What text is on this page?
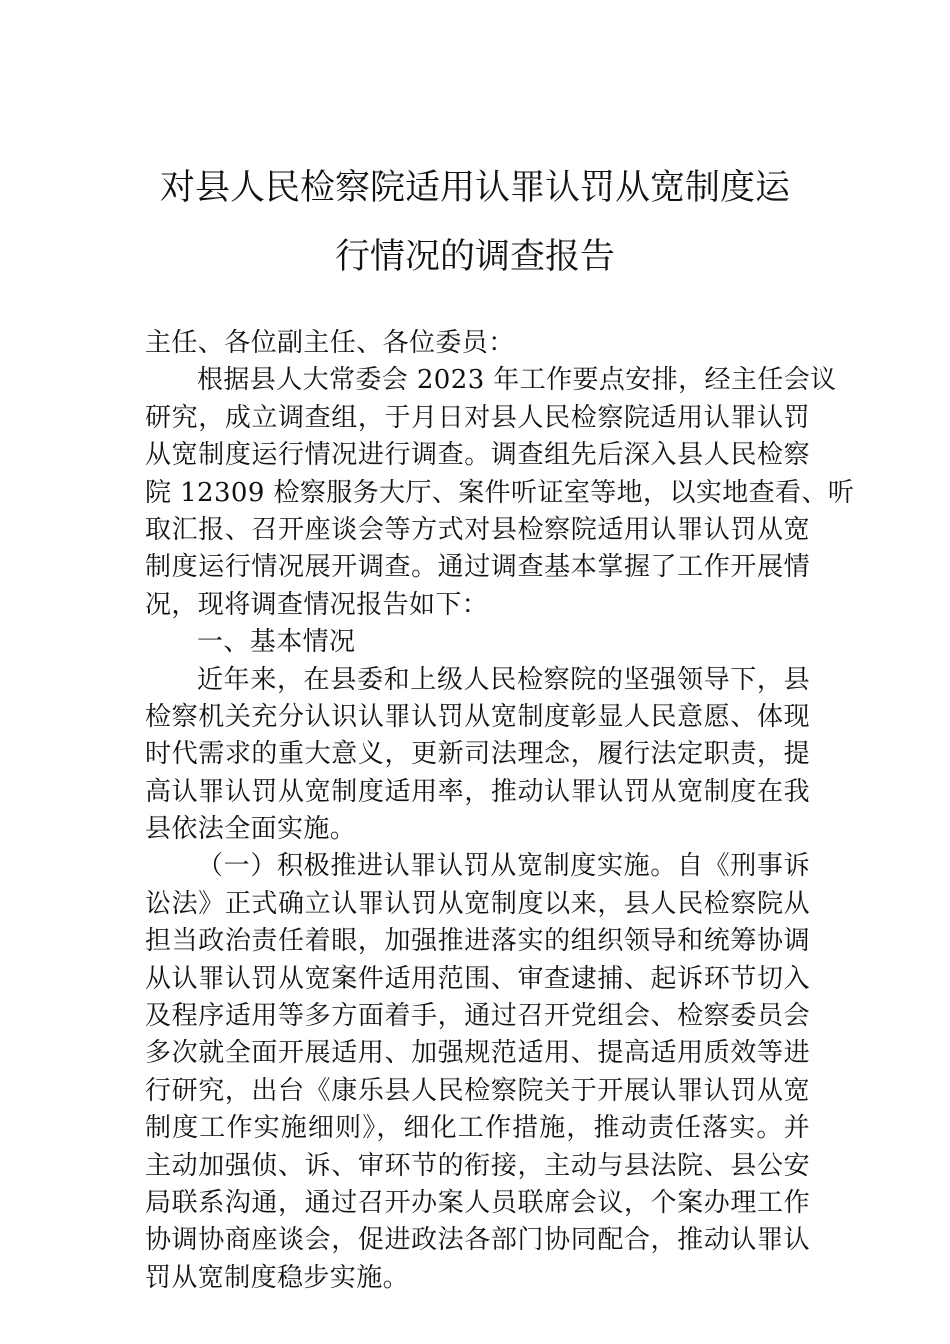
对县人民检察院适用认罪认罚从宽制度运
行情况的调查报告
主任、各位副主任、各位委员：
根据县人大常委会 2023 年工作要点安排，经主任会议
研究，成立调查组，于月日对县人民检察院适用认罪认罚
从宽制度运行情况进行调查。调查组先后深入县人民检察
院 12309 检察服务大厅、案件听证室等地，以实地查看、听
取汇报、召开座谈会等方式对县检察院适用认罪认罚从宽
制度运行情况展开调查。通过调查基本掌握了工作开展情
况，现将调查情况报告如下：
一、基本情况
近年来，在县委和上级人民检察院的坚强领导下，县
检察机关充分认识认罪认罚从宽制度彰显人民意愿、体现
时代需求的重大意义，更新司法理念，履行法定职责，提
高认罪认罚从宽制度适用率，推动认罪认罚从宽制度在我
县依法全面实施。
（一）积极推进认罪认罚从宽制度实施。自《刑事诉
讼法》正式确立认罪认罚从宽制度以来，县人民检察院从
担当政治责任着眼，加强推进落实的组织领导和统筹协调
从认罪认罚从宽案件适用范围、审查逮捕、起诉环节切入
及程序适用等多方面着手，通过召开党组会、检察委员会
多次就全面开展适用、加强规范适用、提高适用质效等进
行研究，出台《康乐县人民检察院关于开展认罪认罚从宽
制度工作实施细则》，细化工作措施，推动责任落实。并
主动加强侦、诉、审环节的衔接，主动与县法院、县公安
局联系沟通，通过召开办案人员联席会议，个案办理工作
协调协商座谈会，促进政法各部门协同配合，推动认罪认
罚从宽制度稳步实施。
